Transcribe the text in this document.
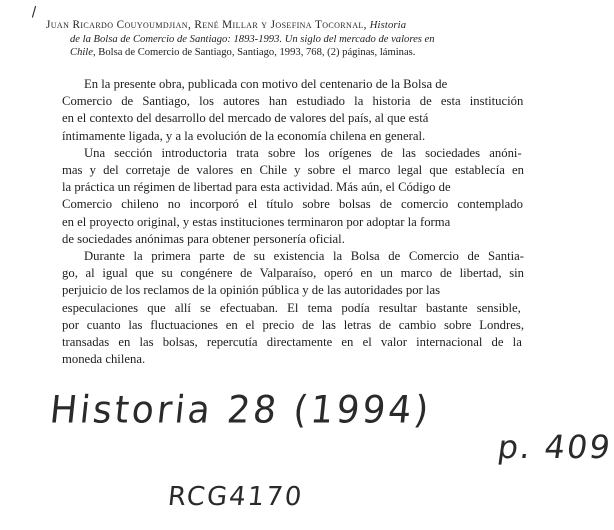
Juan Ricardo Couyoumdjian, René Millar y Josefina Tocornal, Historia
de la Bolsa de Comercio de Santiago: 1893-1993. Un siglo del mercado de valores en
Chile, Bolsa de Comercio de Santiago, Santiago, 1993, 768, (2) páginas, láminas.
En la presente obra, publicada con motivo del centenario de la Bolsa de
Comercio de Santiago, los autores han estudiado la historia de esta institución
en el contexto del desarrollo del mercado de valores del país, al que está
íntimamente ligada, y a la evolución de la economía chilena en general.
Una sección introductoria trata sobre los orígenes de las sociedades anóni-
mas y del corretaje de valores en Chile y sobre el marco legal que establecía en
la práctica un régimen de libertad para esta actividad. Más aún, el Código de
Comercio chileno no incorporó el título sobre bolsas de comercio contemplado
en el proyecto original, y estas instituciones terminaron por adoptar la forma
de sociedades anónimas para obtener personería oficial.
Durante la primera parte de su existencia la Bolsa de Comercio de Santia-
go, al igual que su congénere de Valparaíso, operó en un marco de libertad, sin
perjuicio de los reclamos de la opinión pública y de las autoridades por las
especulaciones que allí se efectuaban. El tema podía resultar bastante sensible,
por cuanto las fluctuaciones en el precio de las letras de cambio sobre Londres,
transadas en las bolsas, repercutía directamente en el valor internacional de la
moneda chilena.
Historia 28 (1994)
p. 409
RCG4170
